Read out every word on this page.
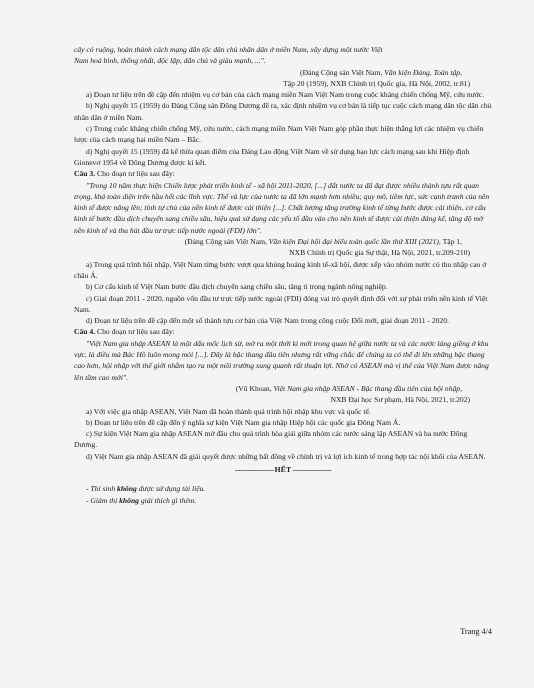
cây có ruộng, hoàn thành cách mạng dân tộc dân chủ nhân dân ở miền Nam, xây dựng một nước Việt

Nam hoà bình, thống nhất, độc lập, dân chủ và giàu mạnh, ...".

(Đảng Cộng sản Việt Nam, Văn kiện Đảng, Toàn tập,

Tập 20 (1959), NXB Chính trị Quốc gia, Hà Nội, 2002, tr.81)

a) Đoạn tư liệu trên đề cập đến nhiệm vụ cơ bản của cách mạng miền Nam Việt Nam trong cuộc kháng chiến chống Mỹ, cứu nước.

b) Nghị quyết 15 (1959) do Đảng Cộng sản Đông Dương đề ra, xác định nhiệm vụ cơ bản là tiếp tục cuộc cách mạng dân tộc dân chủ nhân dân ở miền Nam.

c) Trong cuộc kháng chiến chống Mỹ, cứu nước, cách mạng miền Nam Việt Nam góp phần thực hiện thắng lợi các nhiệm vụ chiến lược của cách mạng hai miền Nam – Bắc.

d) Nghị quyết 15 (1959) đã kế thừa quan điểm của Đảng Lao động Việt Nam về sử dụng bạo lực cách mạng sau khi Hiệp định Gionevơ 1954 về Đông Dương được kí kết.

Câu 3. Cho đoạn tư liệu sau đây:

"Trong 10 năm thực hiện Chiến lược phát triển kinh tế - xã hội 2011-2020, [...] đất nước ta đã đạt được nhiều thành tựu rất quan trọng, khá toàn diện trên hầu hết các lĩnh vực. Thế và lực của nước ta đã lớn mạnh hơn nhiều; quy mô, tiềm lực, sức cạnh tranh của nền kinh tế được nâng lên; tính tự chủ của nền kinh tế được cải thiện [...]. Chất lượng tăng trưởng kinh tế từng bước được cải thiện, cơ cấu kinh tế bước đầu dịch chuyển sang chiều sâu, hiệu quả sử dụng các yếu tố đầu vào cho nền kinh tế được cải thiện đáng kể, tăng độ mở nền kinh tế và thu hút đầu tư trực tiếp nước ngoài (FDI) lớn".

(Đảng Cộng sản Việt Nam, Văn kiện Đại hội đại biểu toàn quốc lần thứ XIII (2021), Tập 1,

NXB Chính trị Quốc gia Sự thật, Hà Nội, 2021, tr.209-210)

a) Trong quá trình hội nhập, Việt Nam từng bước vượt qua khủng hoảng kinh tế-xã hội, được xếp vào nhóm nước có thu nhập cao ở châu Á.

b) Cơ cấu kinh tế Việt Nam bước đầu dịch chuyển sang chiều sâu, tăng tỉ trọng ngành nông nghiệp.

c) Giai đoạn 2011 - 2020, nguồn vốn đầu tư trực tiếp nước ngoài (FDI) đóng vai trò quyết định đối với sự phát triển nền kinh tế Việt Nam.

d) Đoạn tư liệu trên đề cập đến một số thành tựu cơ bản của Việt Nam trong công cuộc Đổi mới, giai đoạn 2011 - 2020.

Câu 4. Cho đoạn tư liệu sau đây:

"Việt Nam gia nhập ASEAN là một dấu mốc lịch sử, mở ra một thời kì mới trong quan hệ giữa nước ta và các nước láng giềng ở khu vực, là điều mà Bác Hồ luôn mong mỏi [...]. Đây là bậc thang đầu tiên nhưng rất vững chắc để chúng ta có thể đi lên những bậc thang cao hơn, hội nhập với thế giới nhằm tạo ra một môi trường xung quanh rất thuận lợi. Nhờ có ASEAN mà vị thế của Việt Nam được nâng lên tầm cao mới".

(Vũ Khoan, Việt Nam gia nhập ASEAN - Bậc thang đầu tiên của hội nhập,

NXB Đại học Sư phạm, Hà Nội, 2021, tr.202)

a) Với việc gia nhập ASEAN, Việt Nam đã hoàn thành quá trình hội nhập khu vực và quốc tế.

b) Đoạn tư liệu trên đề cập đến ý nghĩa sự kiện Việt Nam gia nhập Hiệp hội các quốc gia Đông Nam Á.

c) Sự kiện Việt Nam gia nhập ASEAN mở đầu cho quá trình hòa giải giữa nhóm các nước sáng lập ASEAN và ba nước Đông Dương.

d) Việt Nam gia nhập ASEAN đã giải quyết được những bất đồng về chính trị và lợi ích kinh tế trong hợp tác nội khối của ASEAN.

-------------------- HẾT --------------------

- Thí sinh không được sử dụng tài liệu.

- Giám thị không giải thích gì thêm.

Trang 4/4
